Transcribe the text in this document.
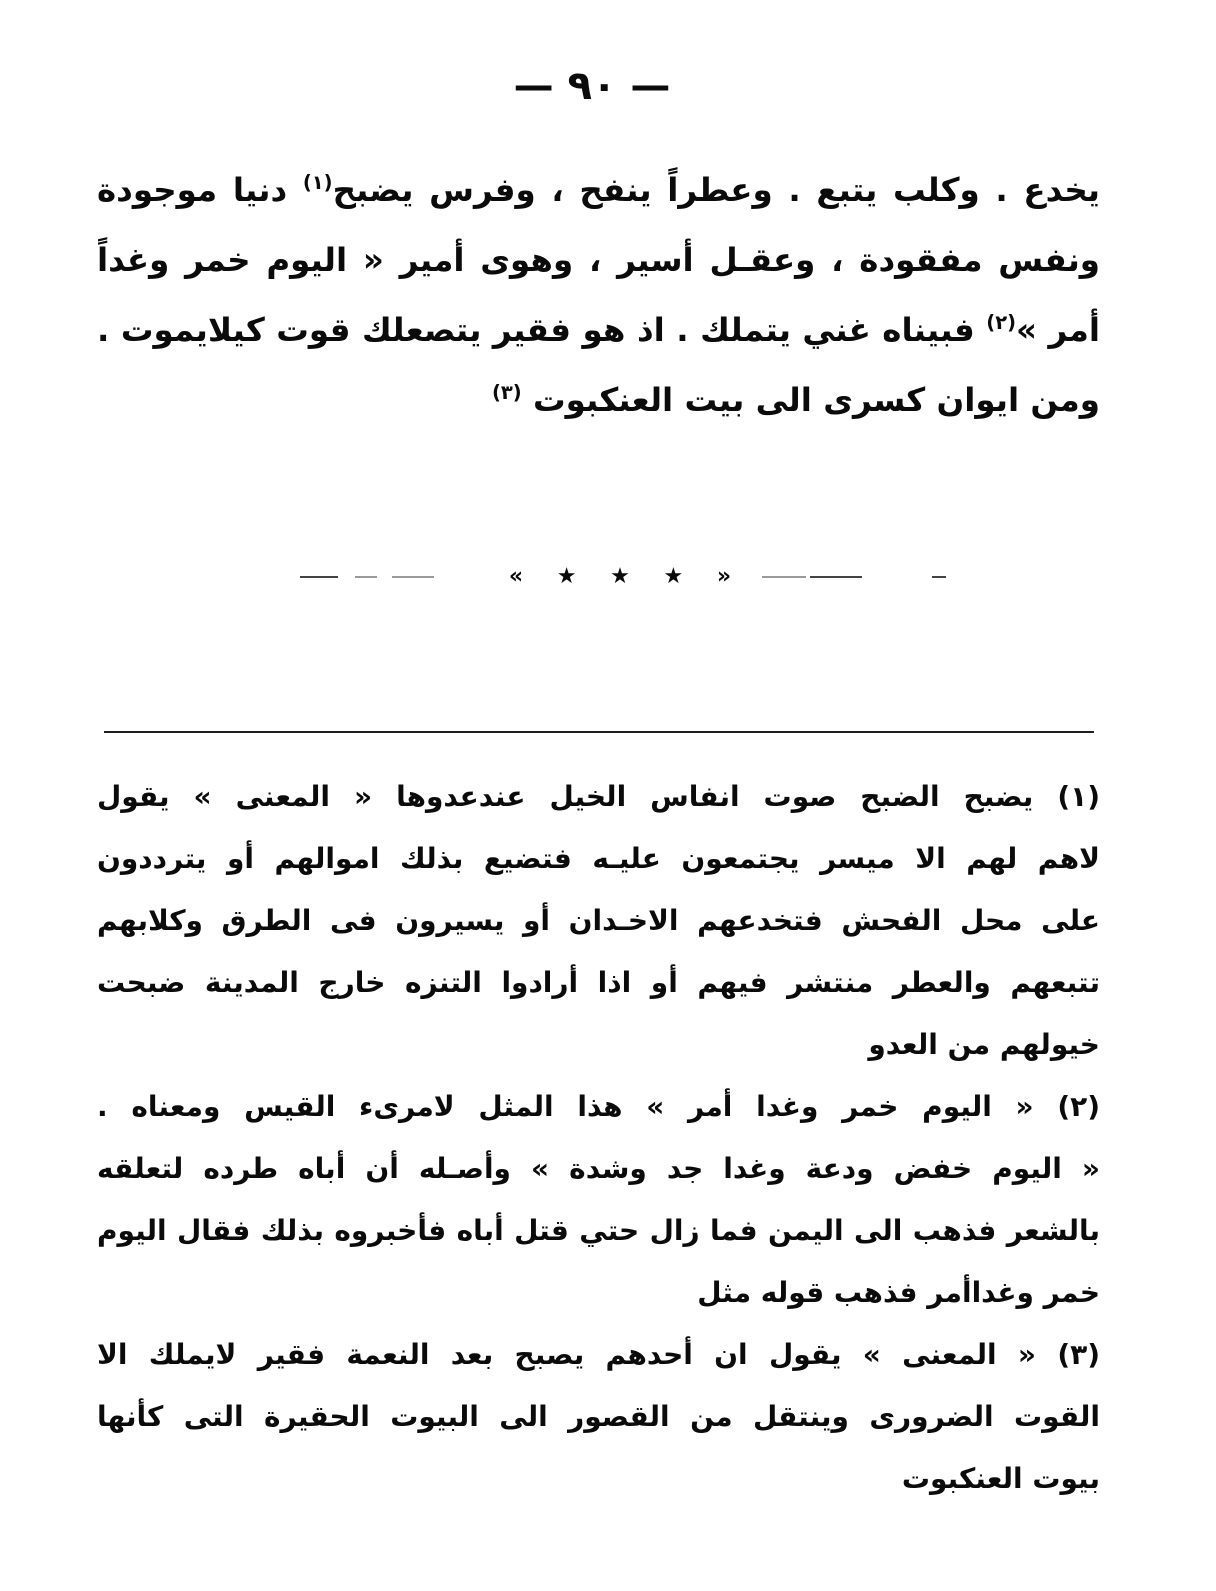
— ٩٠ —
يخدع . وكلب يتبع . وعطراً ينفح ، وفرس يضبح$^{(١)}$ دنيا موجودة
ونفس مفقودة ، وعقـل أسير ، وهوى أمير « اليوم خمر وغداً
أمر »$^{(٢)}$ فبيناه غني يتملك . اذ هو فقير يتصعلك قوت كيلايموت .
ومن ايوان كسرى الى بيت العنكبوت $^{(٣)}$
« ★ ★ ★ »
(١) يضبح الضبح صوت انفاس الخيل عندعدوها « المعنى » يقول
لاهم لهم الا ميسر يجتمعون عليـه فتضيع بذلك اموالهم أو يترددون
على محل الفحش فتخدعهم الاخـدان أو يسيرون فى الطرق وكلابهم
تتبعهم والعطر منتشر فيهم أو اذا أرادوا التنزه خارج المدينة ضبحت
خيولهم من العدو
(٢) « اليوم خمر وغدا أمر » هذا المثل لامرىء القيس ومعناه .
« اليوم خفض ودعة وغدا جد وشدة » وأصـله أن أباه طرده لتعلقه
بالشعر فذهب الى اليمن فما زال حتي قتل أباه فأخبروه بذلك فقال اليوم
خمر وغداأمر فذهب قوله مثل
(٣) « المعنى » يقول ان أحدهم يصبح بعد النعمة فقير لايملك الا
القوت الضرورى وينتقل من القصور الى البيوت الحقيرة التى كأنها
بيوت العنكبوت
